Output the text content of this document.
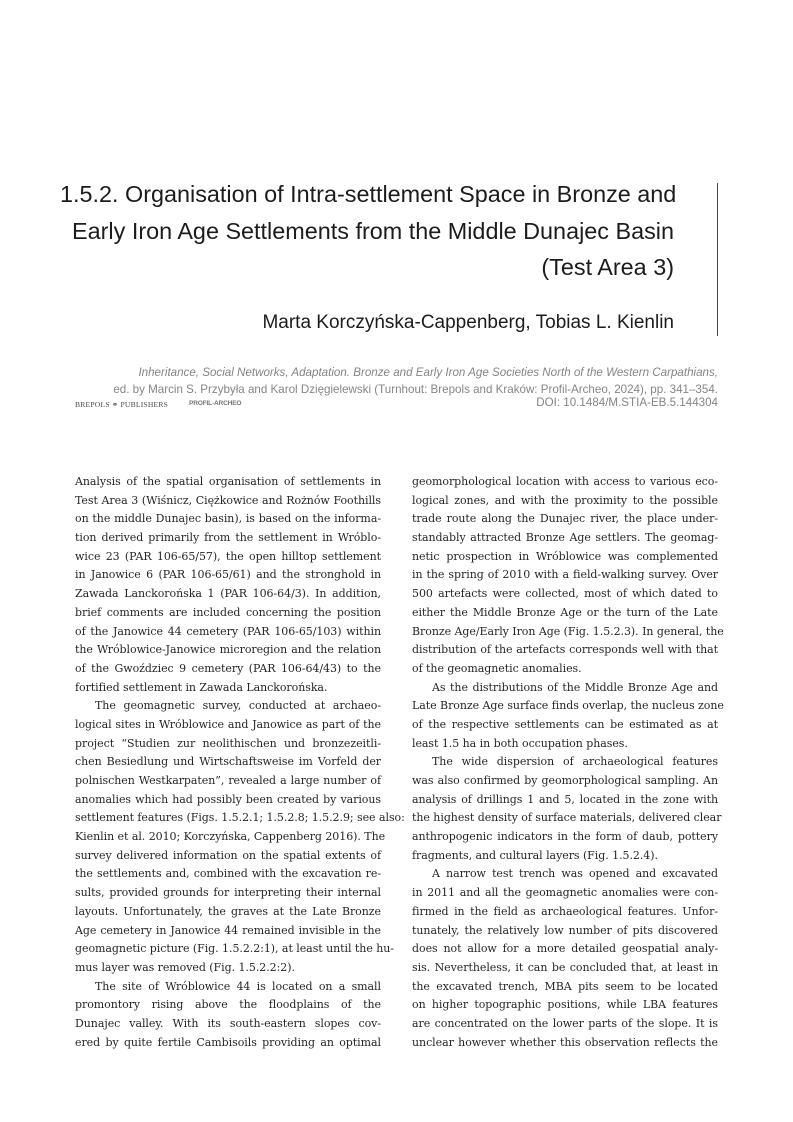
1.5.2. Organisation of Intra-settlement Space in Bronze and
Early Iron Age Settlements from the Middle Dunajec Basin
(Test Area 3)
Marta Korczyńska-Cappenberg, Tobias L. Kienlin
Inheritance, Social Networks, Adaptation. Bronze and Early Iron Age Societies North of the Western Carpathians,
ed. by Marcin S. Przybyła and Karol Dzięgielewski (Turnhout: Brepols and Kraków: Profil-Archeo, 2024), pp. 341–354.
DOI: 10.1484/M.STIA-EB.5.144304
BREPOLS ⚭ PUBLISHERS	PROFIL-ARCHEO
Analysis of the spatial organisation of settlements in
Test Area 3 (Wiśnicz, Ciężkowice and Rożnów Foothills
on the middle Dunajec basin), is based on the informa-
tion derived primarily from the settlement in Wróblo-
wice 23 (PAR 106-65/57), the open hilltop settlement
in Janowice 6 (PAR 106-65/61) and the stronghold in
Zawada Lanckorońska 1 (PAR 106-64/3). In addition,
brief comments are included concerning the position
of the Janowice 44 cemetery (PAR 106-65/103) within
the Wróblowice-Janowice microregion and the relation
of the Gwoździec 9 cemetery (PAR 106-64/43) to the
fortified settlement in Zawada Lanckorońska.
The geomagnetic survey, conducted at archaeo-
logical sites in Wróblowice and Janowice as part of the
project “Studien zur neolithischen und bronzezeitli-
chen Besiedlung und Wirtschaftsweise im Vorfeld der
polnischen Westkarpaten”, revealed a large number of
anomalies which had possibly been created by various
settlement features (Figs. 1.5.2.1; 1.5.2.8; 1.5.2.9; see also:
Kienlin et al. 2010; Korczyńska, Cappenberg 2016). The
survey delivered information on the spatial extents of
the settlements and, combined with the excavation re-
sults, provided grounds for interpreting their internal
layouts. Unfortunately, the graves at the Late Bronze
Age cemetery in Janowice 44 remained invisible in the
geomagnetic picture (Fig. 1.5.2.2:1), at least until the hu-
mus layer was removed (Fig. 1.5.2.2:2).
The site of Wróblowice 44 is located on a small
promontory rising above the floodplains of the
Dunajec valley. With its south-eastern slopes cov-
ered by quite fertile Cambisoils providing an optimal
geomorphological location with access to various eco-
logical zones, and with the proximity to the possible
trade route along the Dunajec river, the place under-
standably attracted Bronze Age settlers. The geomag-
netic prospection in Wróblowice was complemented
in the spring of 2010 with a field-walking survey. Over
500 artefacts were collected, most of which dated to
either the Middle Bronze Age or the turn of the Late
Bronze Age/Early Iron Age (Fig. 1.5.2.3). In general, the
distribution of the artefacts corresponds well with that
of the geomagnetic anomalies.
As the distributions of the Middle Bronze Age and
Late Bronze Age surface finds overlap, the nucleus zone
of the respective settlements can be estimated as at
least 1.5 ha in both occupation phases.
The wide dispersion of archaeological features
was also confirmed by geomorphological sampling. An
analysis of drillings 1 and 5, located in the zone with
the highest density of surface materials, delivered clear
anthropogenic indicators in the form of daub, pottery
fragments, and cultural layers (Fig. 1.5.2.4).
A narrow test trench was opened and excavated
in 2011 and all the geomagnetic anomalies were con-
firmed in the field as archaeological features. Unfor-
tunately, the relatively low number of pits discovered
does not allow for a more detailed geospatial analy-
sis. Nevertheless, it can be concluded that, at least in
the excavated trench, MBA pits seem to be located
on higher topographic positions, while LBA features
are concentrated on the lower parts of the slope. It is
unclear however whether this observation reflects the
